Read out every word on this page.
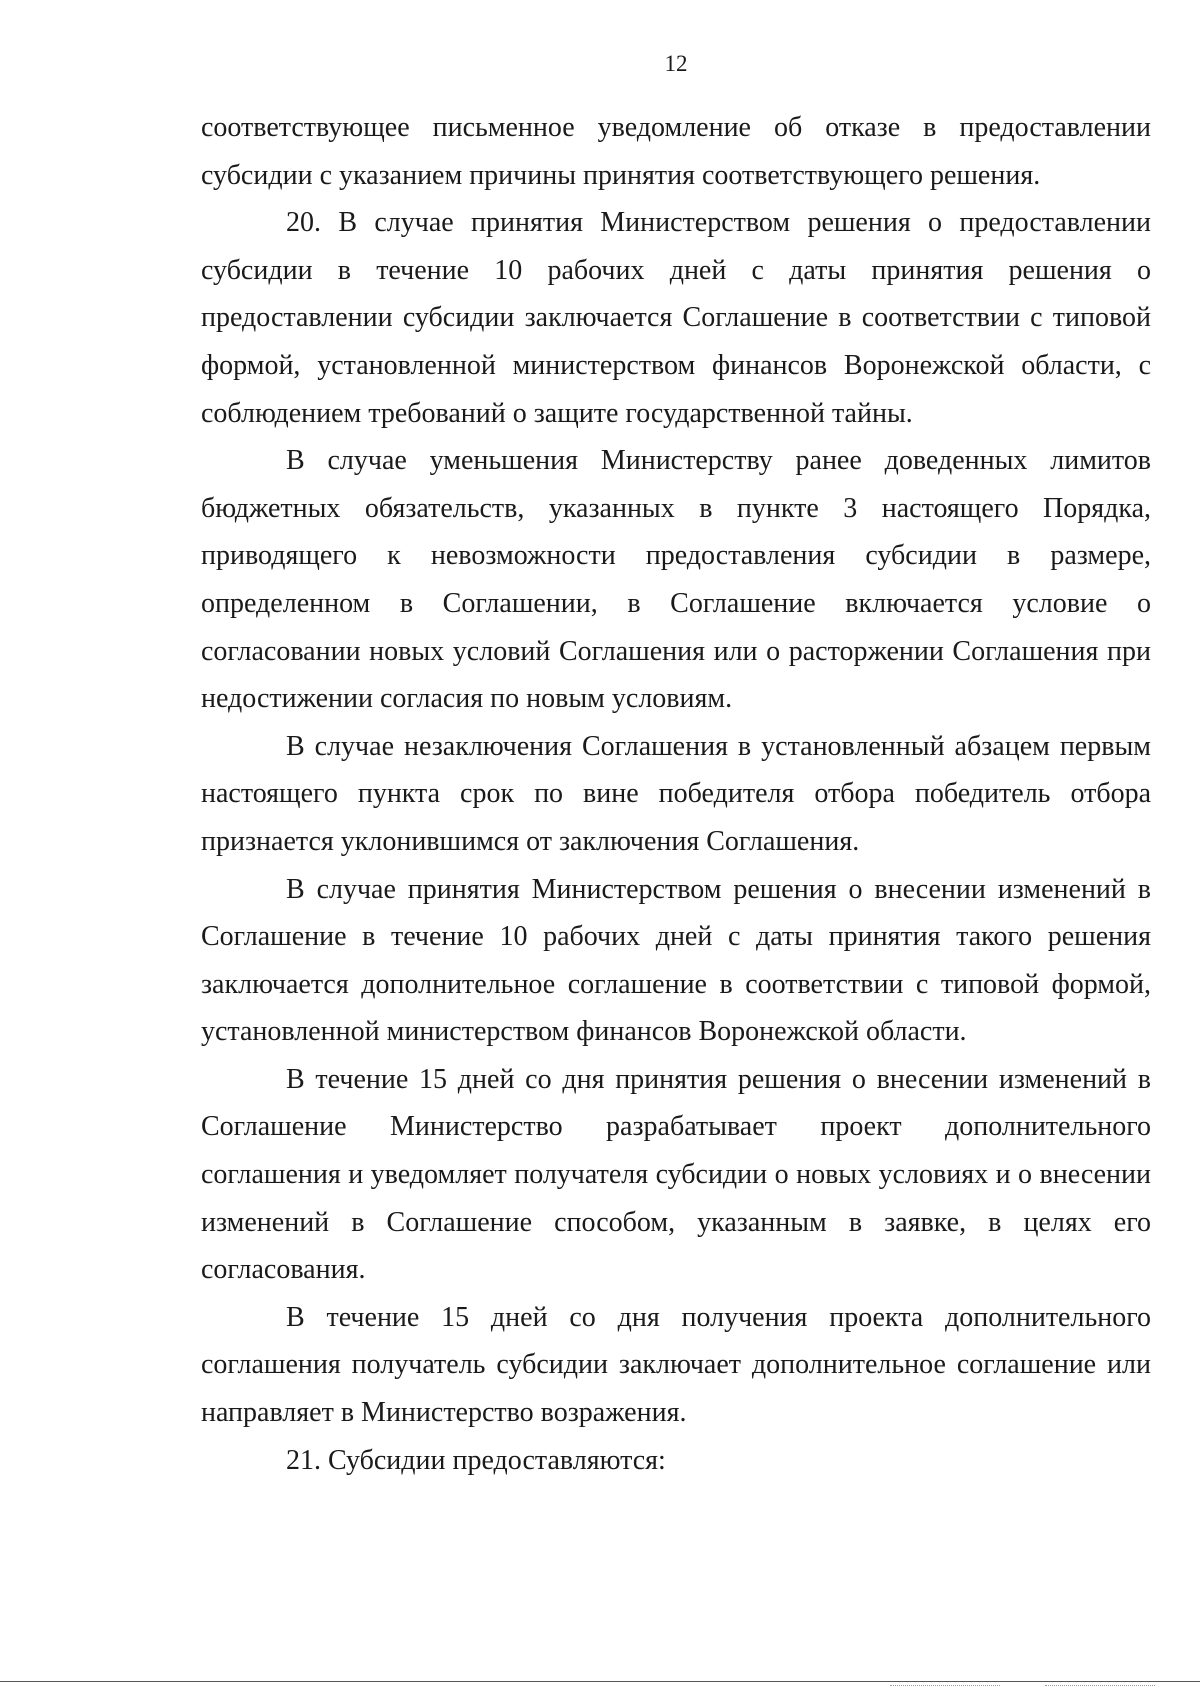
12

соответствующее письменное уведомление об отказе в предоставлении субсидии с указанием причины принятия соответствующего решения.

20. В случае принятия Министерством решения о предоставлении субсидии в течение 10 рабочих дней с даты принятия решения о предоставлении субсидии заключается Соглашение в соответствии с типовой формой, установленной министерством финансов Воронежской области, с соблюдением требований о защите государственной тайны.

В случае уменьшения Министерству ранее доведенных лимитов бюджетных обязательств, указанных в пункте 3 настоящего Порядка, приводящего к невозможности предоставления субсидии в размере, определенном в Соглашении, в Соглашение включается условие о согласовании новых условий Соглашения или о расторжении Соглашения при недостижении согласия по новым условиям.

В случае незаключения Соглашения в установленный абзацем первым настоящего пункта срок по вине победителя отбора победитель отбора признается уклонившимся от заключения Соглашения.

В случае принятия Министерством решения о внесении изменений в Соглашение в течение 10 рабочих дней с даты принятия такого решения заключается дополнительное соглашение в соответствии с типовой формой, установленной министерством финансов Воронежской области.

В течение 15 дней со дня принятия решения о внесении изменений в Соглашение Министерство разрабатывает проект дополнительного соглашения и уведомляет получателя субсидии о новых условиях и о внесении изменений в Соглашение способом, указанным в заявке, в целях его согласования.

В течение 15 дней со дня получения проекта дополнительного соглашения получатель субсидии заключает дополнительное соглашение или направляет в Министерство возражения.

21. Субсидии предоставляются:
